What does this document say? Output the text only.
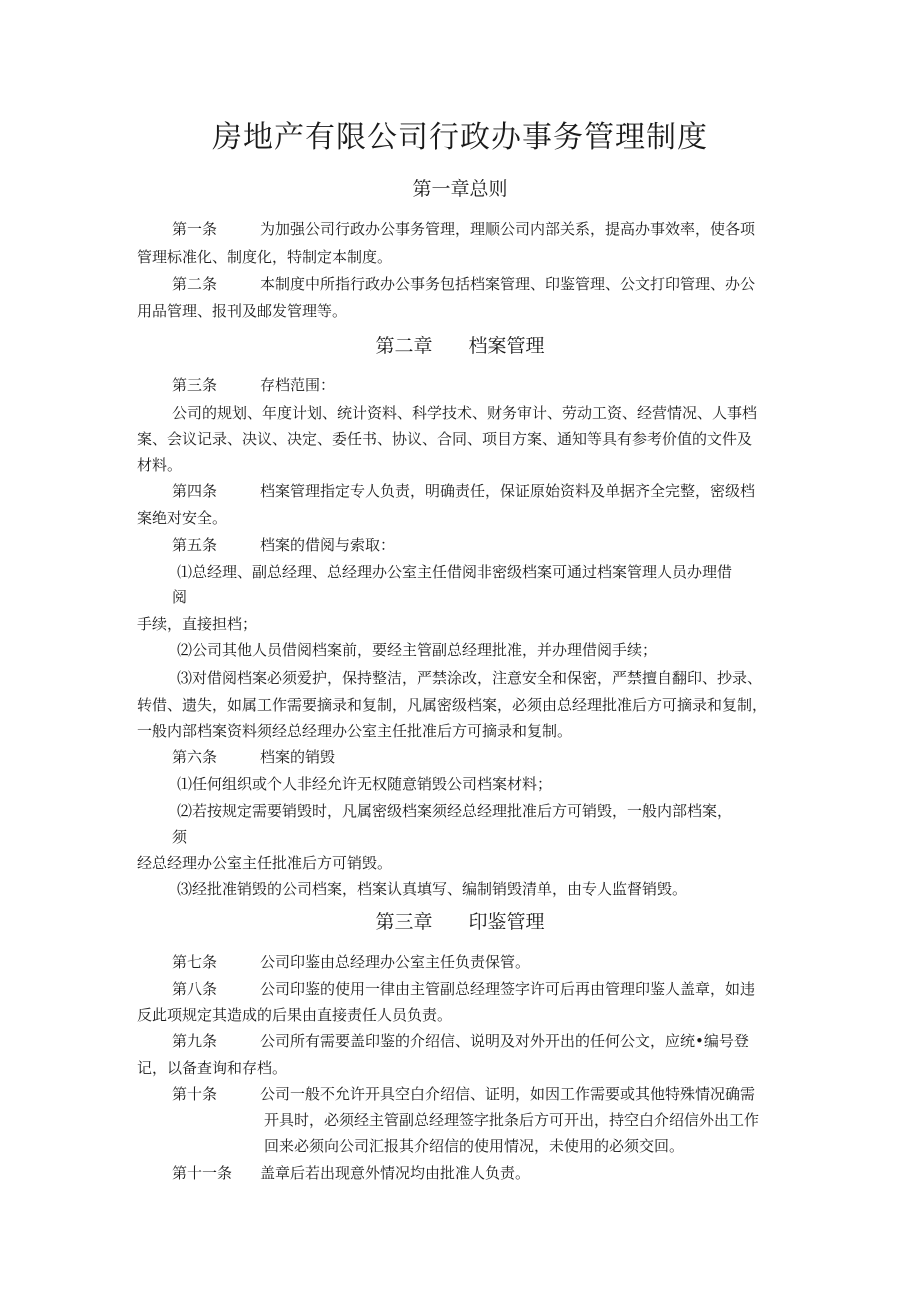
房地产有限公司行政办事务管理制度
第一章总则
第一条	为加强公司行政办公事务管理，理顺公司内部关系，提高办事效率，使各项
管理标准化、制度化，特制定本制度。
第二条	本制度中所指行政办公事务包括档案管理、印鉴管理、公文打印管理、办公
用品管理、报刊及邮发管理等。
第二章 档案管理
第三条	存档范围：
公司的规划、年度计划、统计资料、科学技术、财务审计、劳动工资、经营情况、人事档
案、会议记录、决议、决定、委任书、协议、合同、项目方案、通知等具有参考价值的文件及
材料。
第四条	档案管理指定专人负责，明确责任，保证原始资料及单据齐全完整，密级档
案绝对安全。
第五条	档案的借阅与索取：
⑴总经理、副总经理、总经理办公室主任借阅非密级档案可通过档案管理人员办理借
阅
手续，直接担档；
⑵公司其他人员借阅档案前，要经主管副总经理批准，并办理借阅手续；
⑶对借阅档案必须爱护，保持整洁，严禁涂改，注意安全和保密，严禁擅自翻印、抄录、
转借、遗失，如属工作需要摘录和复制，凡属密级档案，必须由总经理批准后方可摘录和复制，
一般内部档案资料须经总经理办公室主任批准后方可摘录和复制。
第六条	档案的销毁
⑴任何组织或个人非经允许无权随意销毁公司档案材料；
⑵若按规定需要销毁时，凡属密级档案须经总经理批准后方可销毁，一般内部档案，
须
经总经理办公室主任批准后方可销毁。
⑶经批准销毁的公司档案，档案认真填写、编制销毁清单，由专人监督销毁。
第三章 印鉴管理
第七条	公司印鉴由总经理办公室主任负责保管。
第八条	公司印鉴的使用一律由主管副总经理签字许可后再由管理印鉴人盖章，如违
反此项规定其造成的后果由直接责任人员负责。
第九条	公司所有需要盖印鉴的介绍信、说明及对外开出的任何公文，应统•编号登
记，以备查询和存档。
第十条	公司一般不允许开具空白介绍信、证明，如因工作需要或其他特殊情况确需
开具时，必须经主管副总经理签字批条后方可开出，持空白介绍信外出工作
回来必须向公司汇报其介绍信的使用情况，未使用的必须交回。
第十一条 盖章后若出现意外情况均由批准人负责。
